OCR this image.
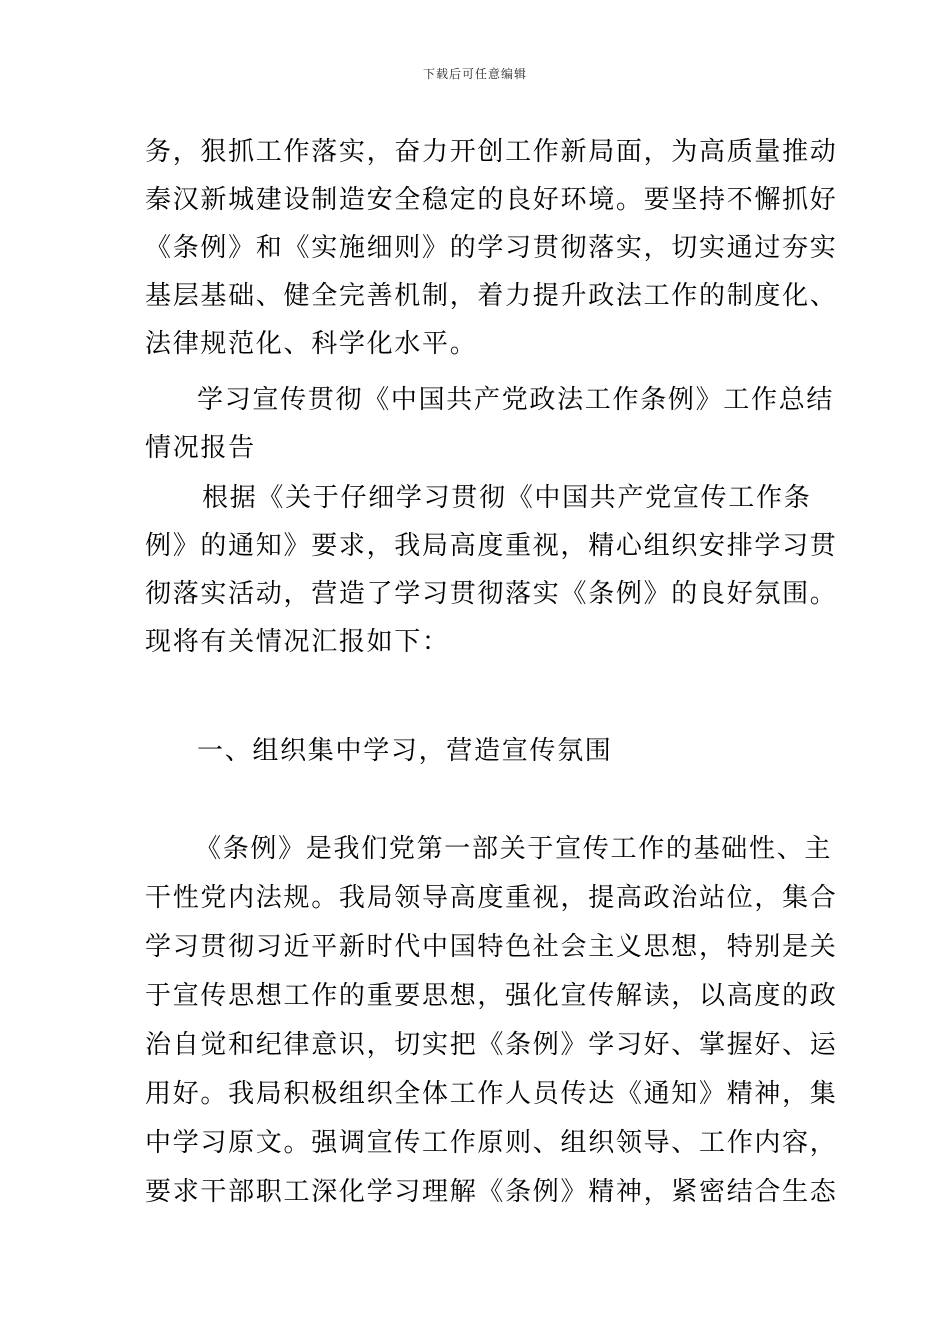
下载后可任意编辑
务，狠抓工作落实，奋力开创工作新局面，为高质量推动
秦汉新城建设制造安全稳定的良好环境。要坚持不懈抓好
《条例》和《实施细则》的学习贯彻落实，切实通过夯实
基层基础、健全完善机制，着力提升政法工作的制度化、
法律规范化、科学化水平。
学习宣传贯彻《中国共产党政法工作条例》工作总结
情况报告
根据《关于仔细学习贯彻《中国共产党宣传工作条
例》的通知》要求，我局高度重视，精心组织安排学习贯
彻落实活动，营造了学习贯彻落实《条例》的良好氛围。
现将有关情况汇报如下：
一、组织集中学习，营造宣传氛围
《条例》是我们党第一部关于宣传工作的基础性、主
干性党内法规。我局领导高度重视，提高政治站位，集合
学习贯彻习近平新时代中国特色社会主义思想，特别是关
于宣传思想工作的重要思想，强化宣传解读，以高度的政
治自觉和纪律意识，切实把《条例》学习好、掌握好、运
用好。我局积极组织全体工作人员传达《通知》精神，集
中学习原文。强调宣传工作原则、组织领导、工作内容，
要求干部职工深化学习理解《条例》精神，紧密结合生态
